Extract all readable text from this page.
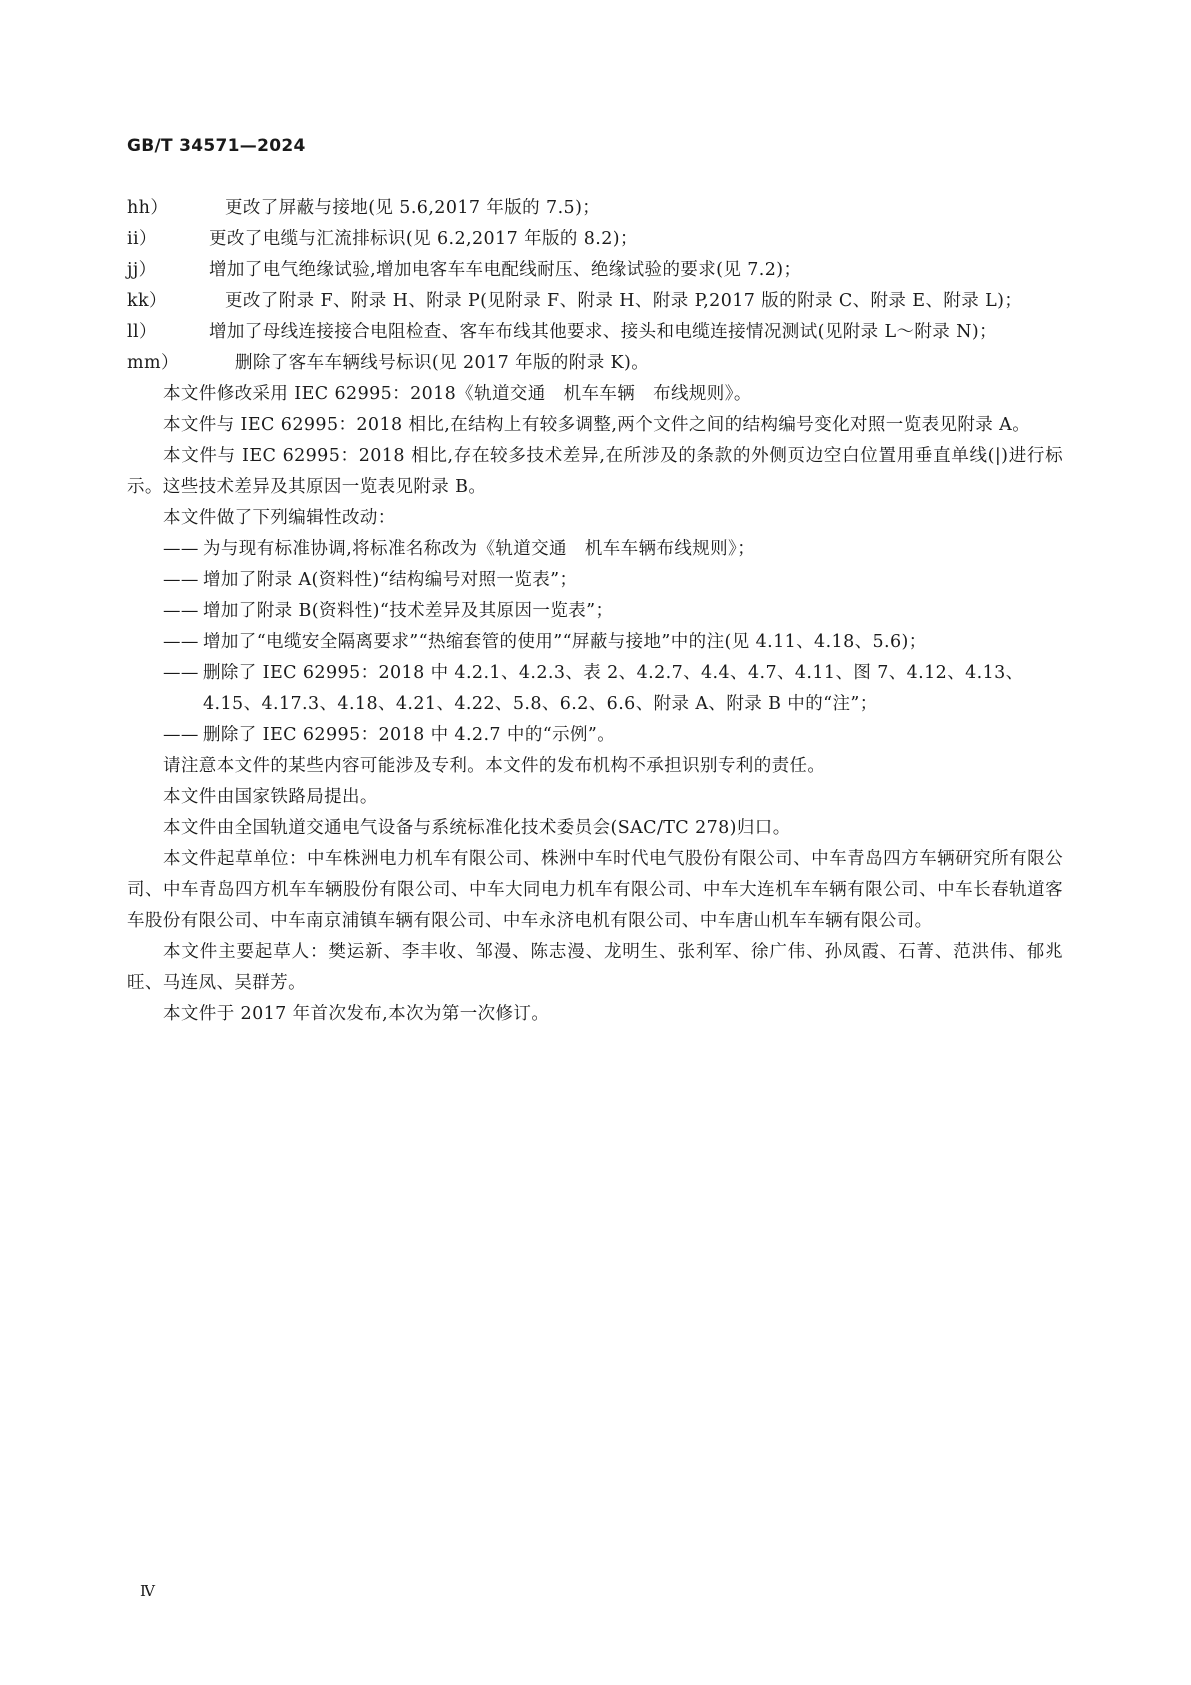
GB/T 34571—2024
hh）	更改了屏蔽与接地(见 5.6,2017 年版的 7.5)；
ii）	更改了电缆与汇流排标识(见 6.2,2017 年版的 8.2)；
jj）	增加了电气绝缘试验,增加电客车车电配线耐压、绝缘试验的要求(见 7.2)；
kk）	更改了附录 F、附录 H、附录 P(见附录 F、附录 H、附录 P,2017 版的附录 C、附录 E、附录 L)；
ll）	增加了母线连接接合电阻检查、客车布线其他要求、接头和电缆连接情况测试(见附录 L～附录 N)；
mm）	删除了客车车辆线号标识(见 2017 年版的附录 K)。

本文件修改采用 IEC 62995：2018《轨道交通　机车车辆　布线规则》。

本文件与 IEC 62995：2018 相比,在结构上有较多调整,两个文件之间的结构编号变化对照一览表见附录 A。

本文件与 IEC 62995：2018 相比,存在较多技术差异,在所涉及的条款的外侧页边空白位置用垂直单线(|)进行标示。这些技术差异及其原因一览表见附录 B。

本文件做了下列编辑性改动：

—— 为与现有标准协调,将标准名称改为《轨道交通　机车车辆布线规则》；
—— 增加了附录 A(资料性)“结构编号对照一览表”；
—— 增加了附录 B(资料性)“技术差异及其原因一览表”；
—— 增加了“电缆安全隔离要求”“热缩套管的使用”“屏蔽与接地”中的注(见 4.11、4.18、5.6)；
—— 删除了 IEC 62995：2018 中 4.2.1、4.2.3、表 2、4.2.7、4.4、4.7、4.11、图 7、4.12、4.13、4.15、4.17.3、4.18、4.21、4.22、5.8、6.2、6.6、附录 A、附录 B 中的“注”；
—— 删除了 IEC 62995：2018 中 4.2.7 中的“示例”。

请注意本文件的某些内容可能涉及专利。本文件的发布机构不承担识别专利的责任。

本文件由国家铁路局提出。

本文件由全国轨道交通电气设备与系统标准化技术委员会(SAC/TC 278)归口。

本文件起草单位：中车株洲电力机车有限公司、株洲中车时代电气股份有限公司、中车青岛四方车辆研究所有限公司、中车青岛四方机车车辆股份有限公司、中车大同电力机车有限公司、中车大连机车车辆有限公司、中车长春轨道客车股份有限公司、中车南京浦镇车辆有限公司、中车永济电机有限公司、中车唐山机车车辆有限公司。

本文件主要起草人：樊运新、李丰收、邹漫、陈志漫、龙明生、张利军、徐广伟、孙凤霞、石菁、范洪伟、郁兆旺、马连凤、吴群芳。

本文件于 2017 年首次发布,本次为第一次修订。

Ⅳ
